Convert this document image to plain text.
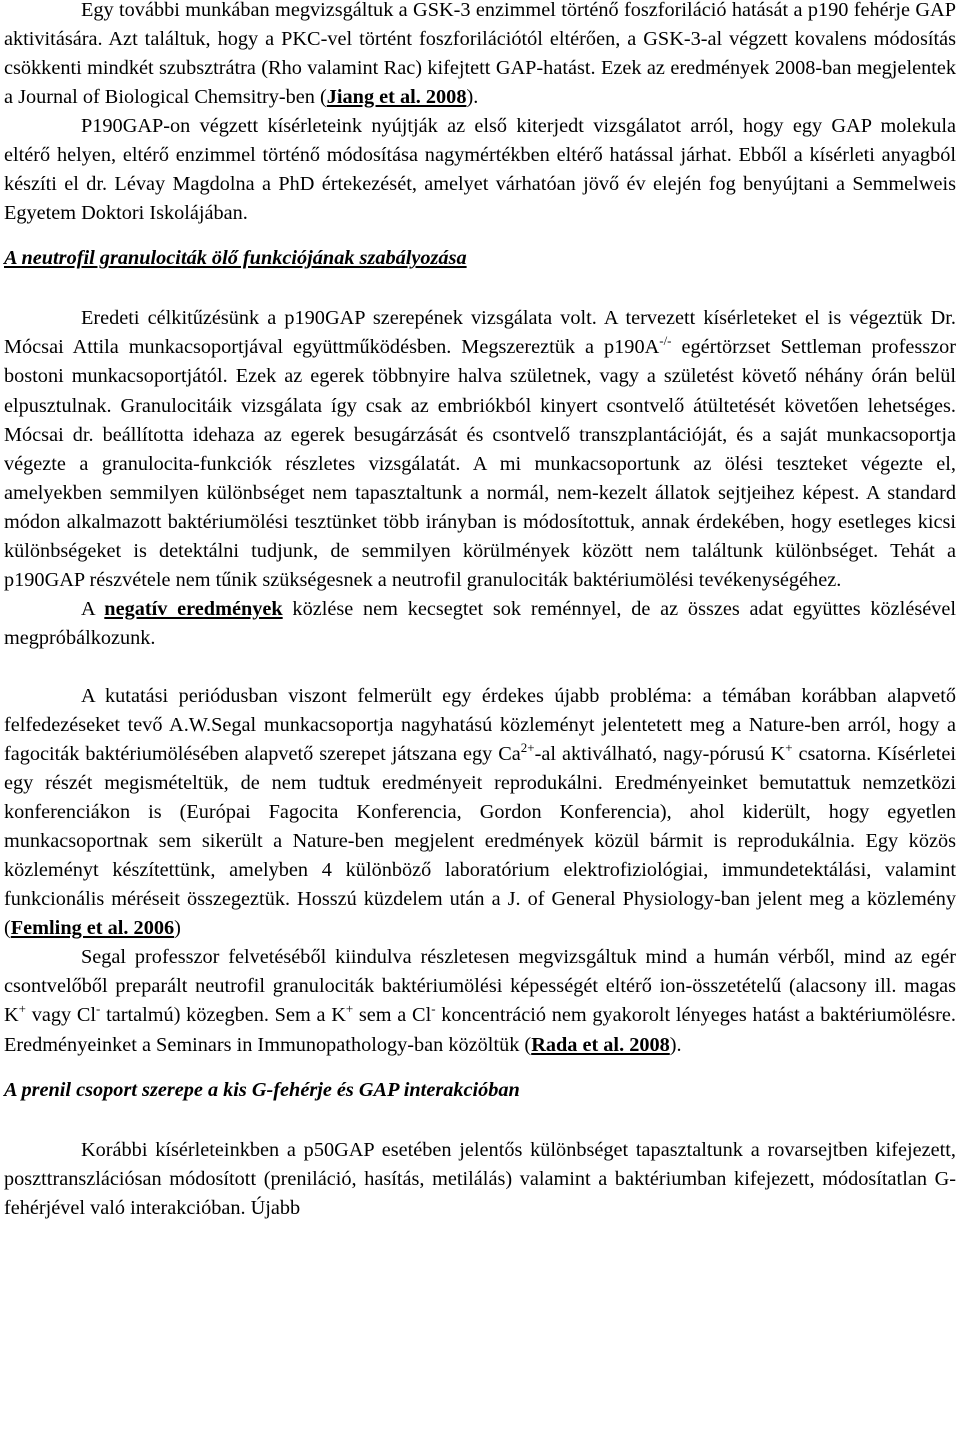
Egy további munkában megvizsgáltuk a GSK-3 enzimmel történő foszforiláció hatását a p190 fehérje GAP aktivitására. Azt találtuk, hogy a PKC-vel történt foszforilációtól eltérően, a GSK-3-al végzett kovalens módosítás csökkenti mindkét szubsztrátra (Rho valamint Rac) kifejtett GAP-hatást. Ezek az eredmények 2008-ban megjelentek a Journal of Biological Chemsitry-ben (Jiang et al. 2008).

P190GAP-on végzett kísérleteink nyújtják az első kiterjedt vizsgálatot arról, hogy egy GAP molekula eltérő helyen, eltérő enzimmel történő módosítása nagymértékben eltérő hatással járhat. Ebből a kísérleti anyagból készíti el dr. Lévay Magdolna a PhD értekezését, amelyet várhatóan jövő év elején fog benyújtani a Semmelweis Egyetem Doktori Iskolájában.

A neutrofil granulociták ölő funkciójának szabályozása

Eredeti célkitűzésünk a p190GAP szerepének vizsgálata volt. A tervezett kísérleteket el is végeztük Dr. Mócsai Attila munkacsoportjával együttműködésben. Megszereztük a p190A-/- egértörzset Settleman professzor bostoni munkacsoportjától. Ezek az egerek többnyire halva születnek, vagy a születést követő néhány órán belül elpusztulnak. Granulocitáik vizsgálata így csak az embriókból kinyert csontvelő átültetését követően lehetséges. Mócsai dr. beállította idehaza az egerek besugárzását és csontvelő transzplantációját, és a saját munkacsoportja végezte a granulocita-funkciók részletes vizsgálatát. A mi munkacsoportunk az ölési teszteket végezte el, amelyekben semmilyen különbséget nem tapasztaltunk a normál, nem-kezelt állatok sejtjeihez képest. A standard módon alkalmazott baktériumölési tesztünket több irányban is módosítottuk, annak érdekében, hogy esetleges kicsi különbségeket is detektálni tudjunk, de semmilyen körülmények között nem találtunk különbséget. Tehát a p190GAP részvétele nem tűnik szükségesnek a neutrofil granulociták baktériumölési tevékenységéhez.

A negatív eredmények közlése nem kecsegtet sok reménnyel, de az összes adat együttes közlésével megpróbálkozunk.

A kutatási periódusban viszont felmerült egy érdekes újabb probléma: a témában korábban alapvető felfedezéseket tevő A.W.Segal munkacsoportja nagyhatású közleményt jelentetett meg a Nature-ben arról, hogy a fagociták baktériumölésében alapvető szerepet játszana egy $Ca^{2+}-al$ aktiválható, nagy-pórusú K+ csatorna. Kísérletei egy részét megismételtük, de nem tudtuk eredményeit reprodukálni. Eredményeinket bemutattuk nemzetközi konferenciákon is (Európai Fagocita Konferencia, Gordon Konferencia), ahol kiderült, hogy egyetlen munkacsoportnak sem sikerült a Nature-ben megjelent eredmények közül bármit is reprodukálnia. Egy közös közleményt készítettünk, amelyben 4 különböző laboratórium elektrofiziológiai, immundetektálási, valamint funkcionális méréseit összegeztük. Hosszú küzdelem után a J. of General Physiology-ban jelent meg a közlemény (Femling et al. 2006)

Segal professzor felvetéséből kiindulva részletesen megvizsgáltuk mind a humán vérből, mind az egér csontvelőből preparált neutrofil granulociták baktériumölési képességét eltérő ion-összetételű (alacsony ill. magas K+ vagy Cl- tartalmú) közegben. Sem a K+ sem a Cl- koncentráció nem gyakorolt lényeges hatást a baktériumölésre. Eredményeinket a Seminars in Immunopathology-ban közöltük (Rada et al. 2008).

A prenil csoport szerepe a kis G-fehérje és GAP interakcióban

Korábbi kísérleteinkben a p50GAP esetében jelentős különbséget tapasztaltunk a rovarsejtben kifejezett, poszttranszlációsan módosított (preniláció, hasítás, metilálás) valamint a baktériumban kifejezett, módosítatlan G-fehérjével való interakcióban. Újabb
